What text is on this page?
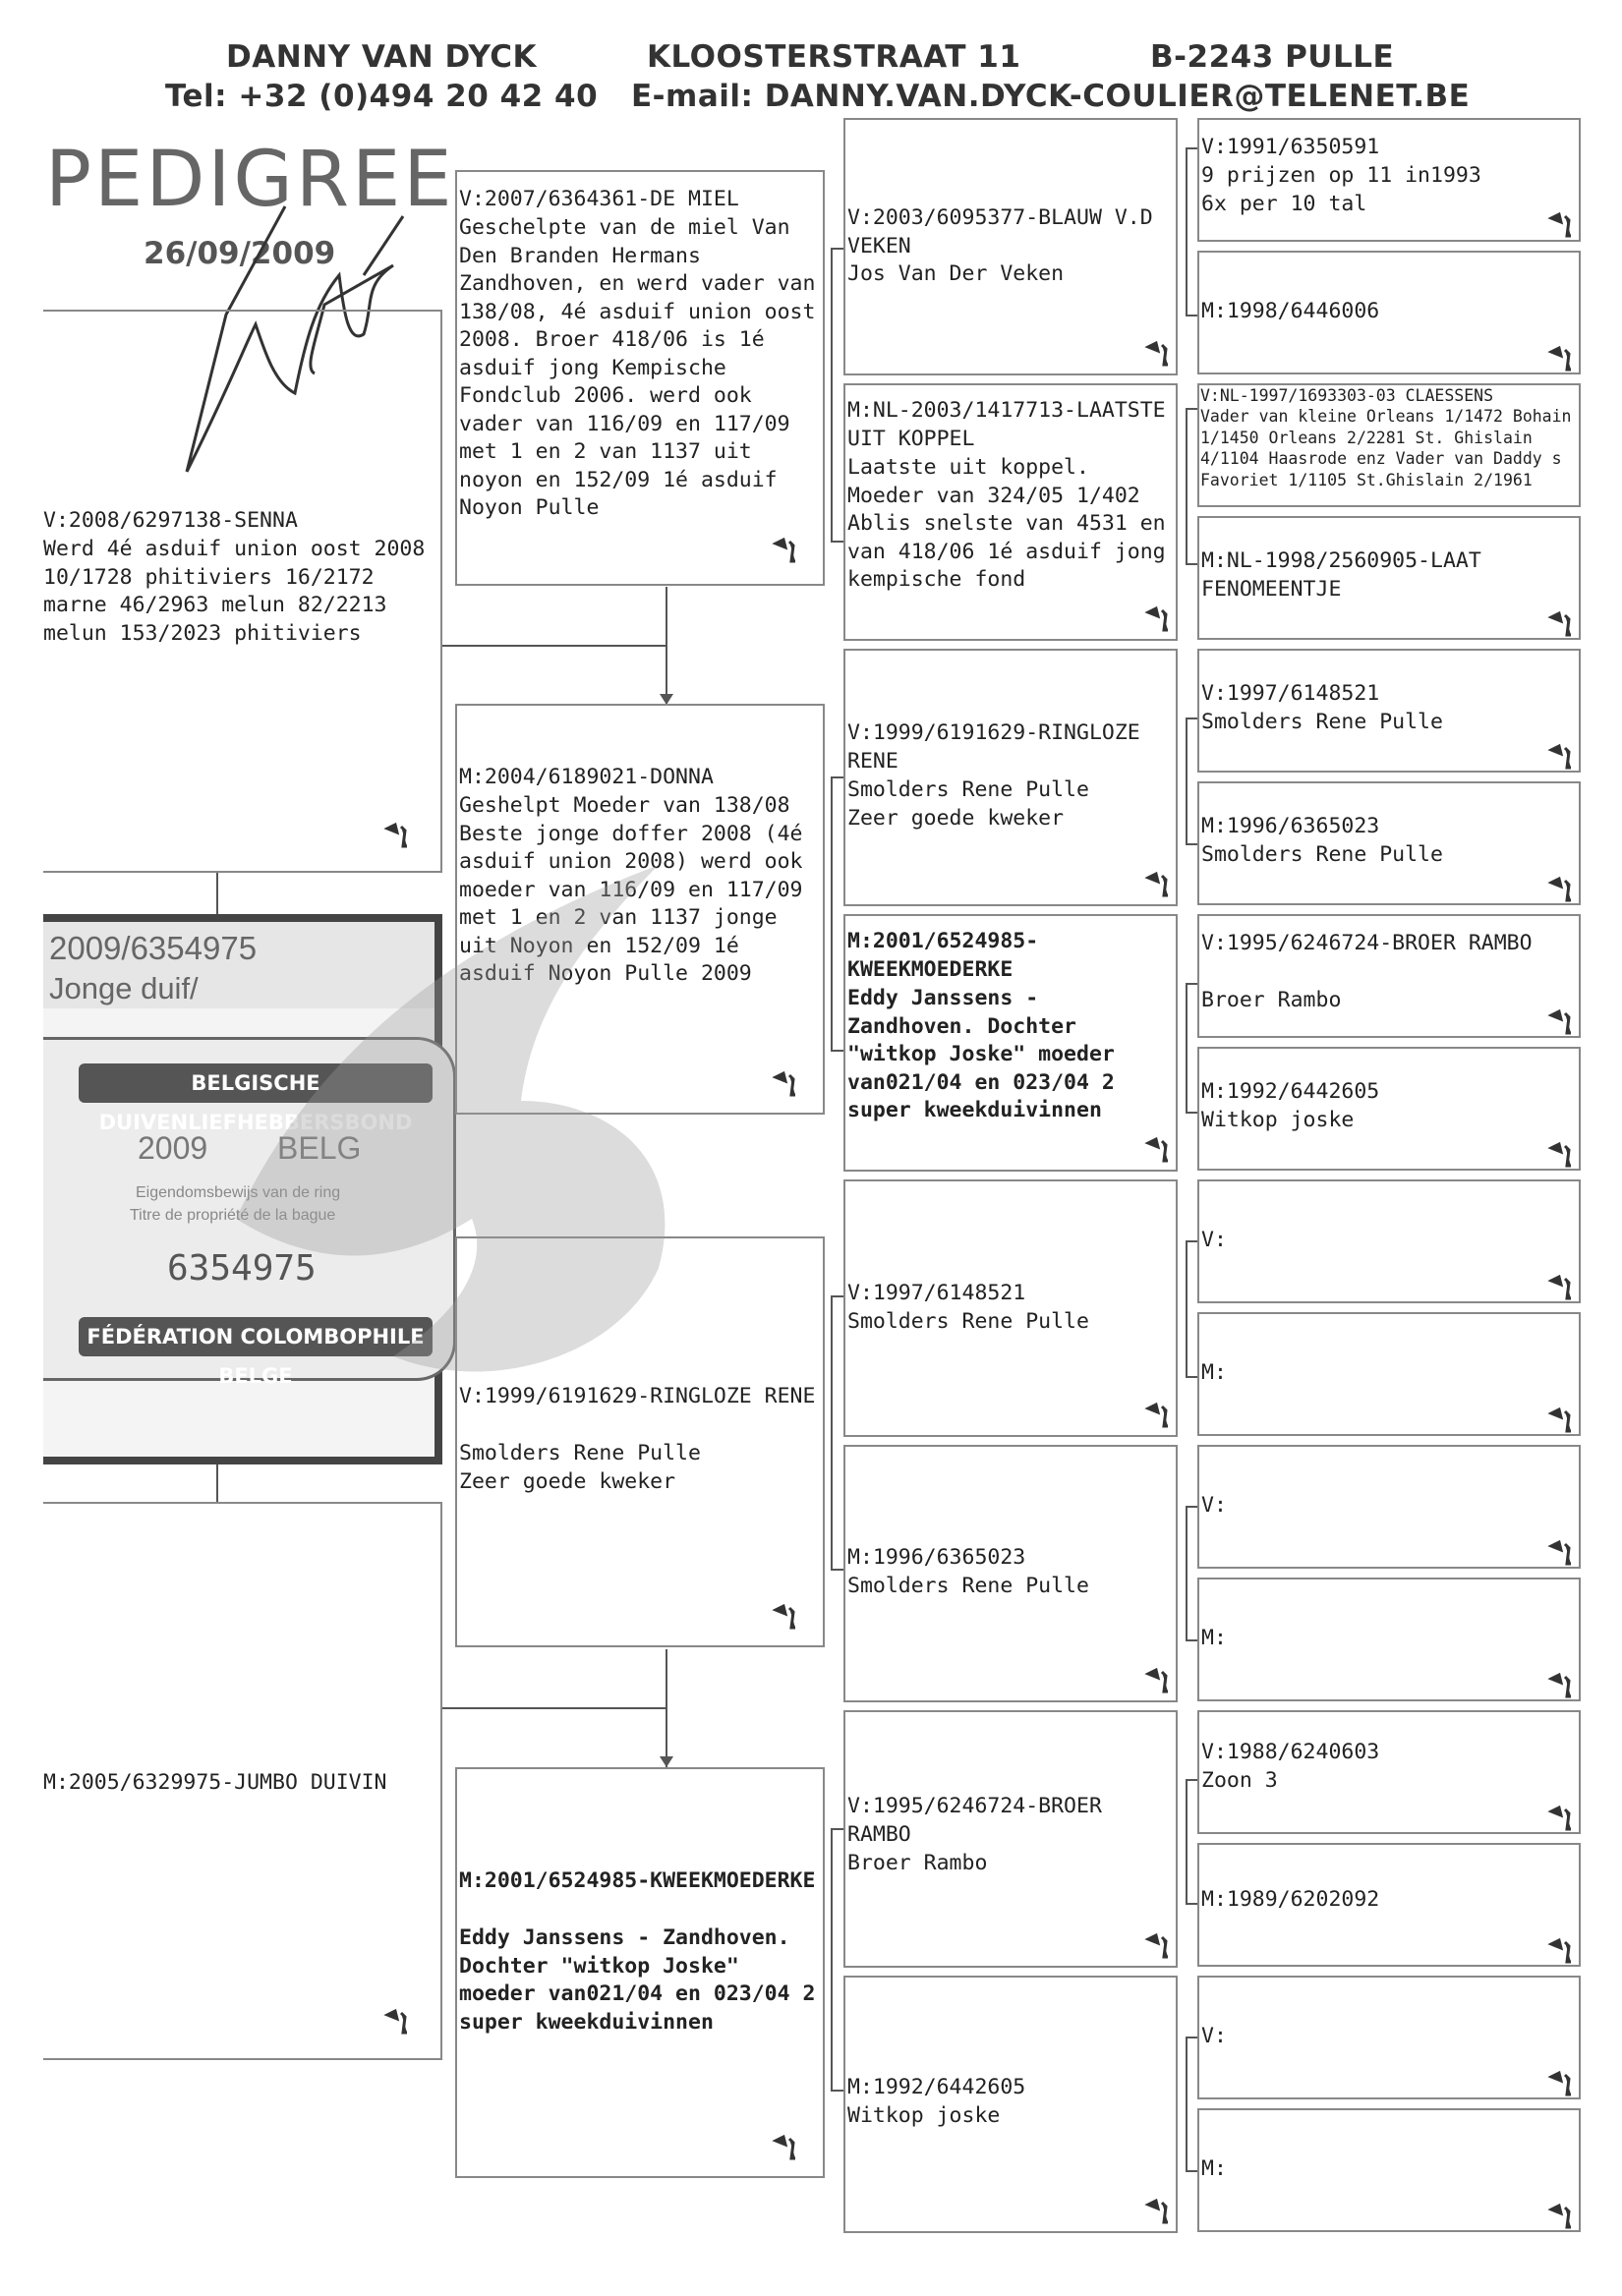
DANNY VAN DYCK	KLOOSTERSTRAAT 11	B-2243 PULLE
Tel: +32 (0)494 20 42 40 E-mail: DANNY.VAN.DYCK-COULIER@TELENET.BE
PEDIGREE
26/09/2009
V:2008/6297138-SENNA
Werd 4é asduif union oost 2008 10/1728 phitiviers 16/2172 marne 46/2963 melun 82/2213 melun 153/2023 phitiviers
2009/6354975
Jonge duif/
BELGISCHE DUIVENLIEFHEBBERSBOND
2009 BELG
Eigendomsbewijs van de ring
Titre de propriété de la bague
6354975
FÉDÉRATION COLOMBOPHILE BELGE
M:2005/6329975-JUMBO DUIVIN
V:2007/6364361-DE MIEL
Geschelpte van de miel Van Den Branden Hermans Zandhoven, en werd vader van 138/08, 4é asduif union oost 2008. Broer 418/06 is 1é asduif jong Kempische Fondclub 2006. werd ook vader van 116/09 en 117/09 met 1 en 2 van 1137 uit noyon en 152/09 1é asduif Noyon Pulle
M:2004/6189021-DONNA
Geshelpt Moeder van 138/08 Beste jonge doffer 2008 (4é asduif union 2008) werd ook moeder van 116/09 en 117/09 met 1 en 2 van 1137 jonge uit Noyon en 152/09 1é asduif Noyon Pulle 2009
V:1999/6191629-RINGLOZE RENE
Smolders Rene Pulle
Zeer goede kweker
M:2001/6524985-KWEEKMOEDERKE
Eddy Janssens - Zandhoven. Dochter "witkop Joske"  moeder van021/04 en 023/04 2 super kweekduivinnen
V:2003/6095377-BLAUW V.D VEKEN
Jos Van Der Veken
M:NL-2003/1417713-LAATSTE UIT KOPPEL
Laatste uit koppel. Moeder van 324/05 1/402 Ablis snelste van 4531 en van 418/06 1é asduif jong kempische fond
V:1999/6191629-RINGLOZE RENE
Smolders Rene Pulle
Zeer goede kweker
M:2001/6524985-KWEEKMOEDERKE
Eddy Janssens - Zandhoven. Dochter "witkop Joske" moeder van021/04 en 023/04 2 super kweekduivinnen
V:1997/6148521
Smolders Rene Pulle
M:1996/6365023
Smolders Rene Pulle
V:1995/6246724-BROER RAMBO
Broer Rambo
M:1992/6442605
Witkop joske
V:1991/6350591
9 prijzen op 11 in1993
6x per 10 tal
M:1998/6446006
V:NL-1997/1693303-03 CLAESSENS
Vader van kleine Orleans 1/1472 Bohain 1/1450 Orleans 2/2281 St. Ghislain 4/1104 Haasrode enz Vader van Daddy s Favoriet 1/1105 St.Ghislain 2/1961
M:NL-1998/2560905-LAAT FENOMEENTJE
V:1997/6148521
Smolders Rene Pulle
M:1996/6365023
Smolders Rene Pulle
V:1995/6246724-BROER RAMBO
Broer Rambo
M:1992/6442605
Witkop joske
V:
M:
V:
M:
V:1988/6240603
Zoon 3
M:1989/6202092
V:
M:
